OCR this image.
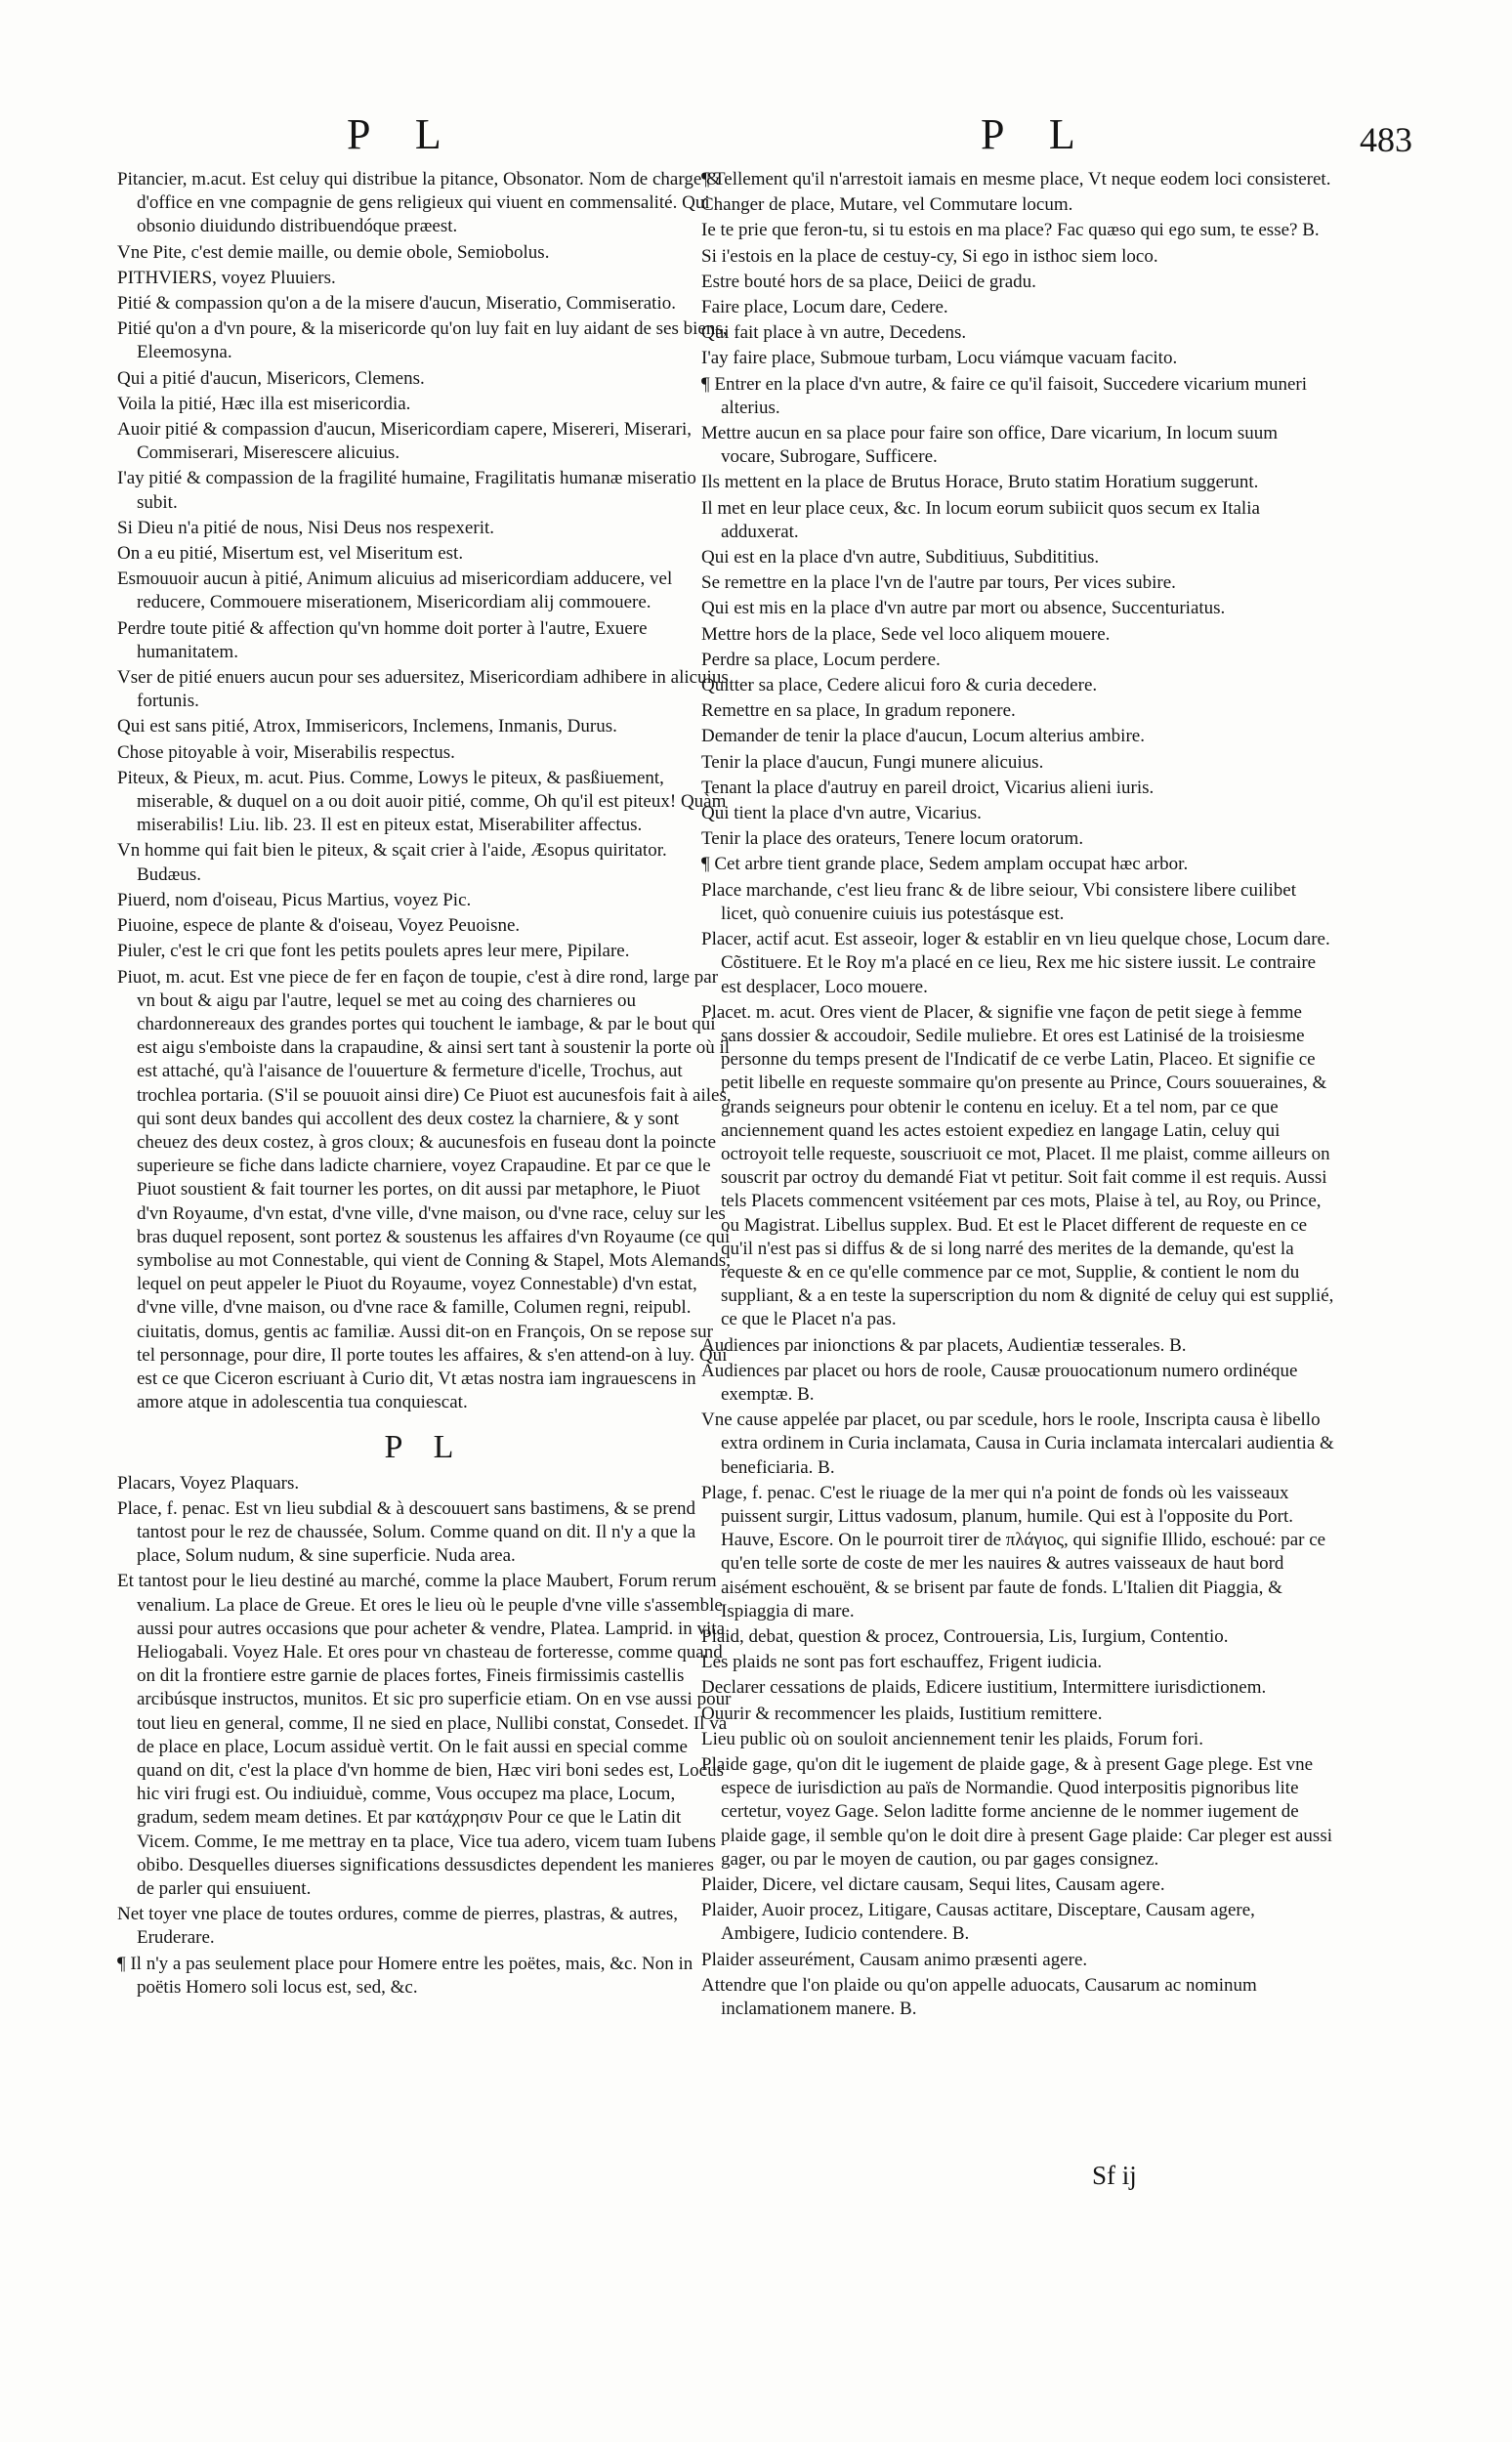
P L	P L	483

Pitancier, m.acut. Est celuy qui distribue la pitance, Obsonator. Nom de charge & d'office en vne compagnie de gens religieux qui viuent en commensalité. Qui obsonio diuidundo distribuendóque præest.

Vne Pite, c'est demie maille, ou demie obole, Semiobolus.

PITHVIERS, voyez Pluuiers.

Pitié & compassion qu'on a de la misere d'aucun, Miseratio, Commiseratio.

Pitié qu'on a d'vn poure, & la misericorde qu'on luy fait en luy aidant de ses biens, Eleemosyna.

Qui a pitié d'aucun, Misericors, Clemens.

Voila la pitié, Hæc illa est misericordia.

Auoir pitié & compassion d'aucun, Misericordiam capere, Misereri, Miserari, Commiserari, Miserescere alicuius.

I'ay pitié & compassion de la fragilité humaine, Fragilitatis humanæ miseratio subit.

Si Dieu n'a pitié de nous, Nisi Deus nos respexerit.

On a eu pitié, Misertum est, vel Miseritum est.

Esmouuoir aucun à pitié, Animum alicuius ad misericordiam adducere, vel reducere, Commouere miserationem, Misericordiam alij commouere.

Perdre toute pitié & affection qu'vn homme doit porter à l'autre, Exuere humanitatem.

Vser de pitié enuers aucun pour ses aduersitez, Misericordiam adhibere in alicuius fortunis.

Qui est sans pitié, Atrox, Immisericors, Inclemens, Inmanis, Durus.

Chose pitoyable à voir, Miserabilis respectus.

Piteux, & Pieux, m. acut. Pius. Comme, Lowys le piteux, & pasßiuement, miserable, & duquel on a ou doit auoir pitié, comme, Oh qu'il est piteux! Quàm miserabilis! Liu. lib. 23. Il est en piteux estat, Miserabiliter affectus.

Vn homme qui fait bien le piteux, & sçait crier à l'aide, Æsopus quiritator. Budæus.

Piuerd, nom d'oiseau, Picus Martius, voyez Pic.

Piuoine, espece de plante & d'oiseau, Voyez Peuoisne.

Piuler, c'est le cri que font les petits poulets apres leur mere, Pipilare.

Piuot, m. acut. Est vne piece de fer en façon de toupie, c'est à dire rond, large par vn bout & aigu par l'autre, lequel se met au coing des charnieres ou chardonnereaux des grandes portes qui touchent le iambage, & par le bout qui est aigu s'emboiste dans la crapaudine, & ainsi sert tant à soustenir la porte où il est attaché, qu'à l'aisance de l'ouuerture & fermeture d'icelle, Trochus, aut trochlea portaria. (S'il se pouuoit ainsi dire) Ce Piuot est aucunesfois fait à ailes, qui sont deux bandes qui accollent des deux costez la charniere, & y sont cheuez des deux costez, à gros cloux; & aucunesfois en fuseau dont la poincte superieure se fiche dans ladicte charniere, voyez Crapaudine. Et par ce que le Piuot soustient & fait tourner les portes, on dit aussi par metaphore, le Piuot d'vn Royaume, d'vn estat, d'vne ville, d'vne maison, ou d'vne race, celuy sur les bras duquel reposent, sont portez & soustenus les affaires d'vn Royaume (ce qui symbolise au mot Connestable, qui vient de Conning & Stapel, Mots Alemands, lequel on peut appeler le Piuot du Royaume, voyez Connestable) d'vn estat, d'vne ville, d'vne maison, ou d'vne race & famille, Columen regni, reipubl. ciuitatis, domus, gentis ac familiæ. Aussi dit-on en François, On se repose sur tel personnage, pour dire, Il porte toutes les affaires, & s'en attend-on à luy. Qui est ce que Ciceron escriuant à Curio dit, Vt ætas nostra iam ingrauescens in amore atque in adolescentia tua conquiescat.

P L

Placars, Voyez Plaquars.

Place, f. penac. Est vn lieu subdial & à descouuert sans bastimens, & se prend tantost pour le rez de chaussée, Solum. Comme quand on dit. Il n'y a que la place, Solum nudum, & sine superficie. Nuda area.

Et tantost pour le lieu destiné au marché, comme la place Maubert, Forum rerum venalium. La place de Greue. Et ores le lieu où le peuple d'vne ville s'assemble aussi pour autres occasions que pour acheter & vendre, Platea. Lamprid. in vita Heliogabali. Voyez Hale. Et ores pour vn chasteau de forteresse, comme quand on dit la frontiere estre garnie de places fortes, Fineis firmissimis castellis arcibúsque instructos, munitos. Et sic pro superficie etiam. On en vse aussi pour tout lieu en general, comme, Il ne sied en place, Nullibi constat, Consedet. Il va de place en place, Locum assiduè vertit. On le fait aussi en special comme quand on dit, c'est la place d'vn homme de bien, Hæc viri boni sedes est, Locus hic viri frugi est. Ou indiuiduè, comme, Vous occupez ma place, Locum, gradum, sedem meam detines. Et par κατάχρησιν Pour ce que le Latin dit Vicem. Comme, Ie me mettray en ta place, Vice tua adero, vicem tuam Iubens obibo. Desquelles diuerses significations dessusdictes dependent les manieres de parler qui ensuiuent.

Net toyer vne place de toutes ordures, comme de pierres, plastras, & autres, Eruderare.

¶ Il n'y a pas seulement place pour Homere entre les poëtes, mais, &c. Non in poëtis Homero soli locus est, sed, &c.

¶ Tellement qu'il n'arrestoit iamais en mesme place, Vt neque eodem loci consisteret.

Changer de place, Mutare, vel Commutare locum.

Ie te prie que feron-tu, si tu estois en ma place? Fac quæso qui ego sum, te esse? B.

Si i'estois en la place de cestuy-cy, Si ego in isthoc siem loco.

Estre bouté hors de sa place, Deiici de gradu.

Faire place, Locum dare, Cedere.

Qui fait place à vn autre, Decedens.

I'ay faire place, Submoue turbam, Locu viámque vacuam facito.

¶ Entrer en la place d'vn autre, & faire ce qu'il faisoit, Succedere vicarium muneri alterius.

Mettre aucun en sa place pour faire son office, Dare vicarium, In locum suum vocare, Subrogare, Sufficere.

Ils mettent en la place de Brutus Horace, Bruto statim Horatium suggerunt.

Il met en leur place ceux, &c. In locum eorum subiicit quos secum ex Italia adduxerat.

Qui est en la place d'vn autre, Subditiuus, Subdititius.

Se remettre en la place l'vn de l'autre par tours, Per vices subire.

Qui est mis en la place d'vn autre par mort ou absence, Succenturiatus.

Mettre hors de la place, Sede vel loco aliquem mouere.

Perdre sa place, Locum perdere.

Quitter sa place, Cedere alicui foro & curia decedere.

Remettre en sa place, In gradum reponere.

Demander de tenir la place d'aucun, Locum alterius ambire.

Tenir la place d'aucun, Fungi munere alicuius.

Tenant la place d'autruy en pareil droict, Vicarius alieni iuris.

Qui tient la place d'vn autre, Vicarius.

Tenir la place des orateurs, Tenere locum oratorum.

¶ Cet arbre tient grande place, Sedem amplam occupat hæc arbor.

Place marchande, c'est lieu franc & de libre seiour, Vbi consistere libere cuilibet licet, quò conuenire cuiuis ius potestásque est.

Placer, actif acut. Est asseoir, loger & establir en vn lieu quelque chose, Locum dare. Cõstituere. Et le Roy m'a placé en ce lieu, Rex me hic sistere iussit. Le contraire est desplacer, Loco mouere.

Placet. m. acut. Ores vient de Placer, & signifie vne façon de petit siege à femme sans dossier & accoudoir, Sedile muliebre. Et ores est Latinisé de la troisiesme personne du temps present de l'Indicatif de ce verbe Latin, Placeo. Et signifie ce petit libelle en requeste sommaire qu'on presente au Prince, Cours souueraines, & grands seigneurs pour obtenir le contenu en iceluy. Et a tel nom, par ce que anciennement quand les actes estoient expediez en langage Latin, celuy qui octroyoit telle requeste, souscriuoit ce mot, Placet. Il me plaist, comme ailleurs on souscrit par octroy du demandé Fiat vt petitur. Soit fait comme il est requis. Aussi tels Placets commencent vsitéement par ces mots, Plaise à tel, au Roy, ou Prince, ou Magistrat. Libellus supplex. Bud. Et est le Placet different de requeste en ce qu'il n'est pas si diffus & de si long narré des merites de la demande, qu'est la requeste & en ce qu'elle commence par ce mot, Supplie, & contient le nom du suppliant, & a en teste la superscription du nom & dignité de celuy qui est supplié, ce que le Placet n'a pas.

Audiences par inionctions & par placets, Audientiæ tesserales. B.

Audiences par placet ou hors de roole, Causæ prouocationum numero ordinéque exemptæ. B.

Vne cause appelée par placet, ou par scedule, hors le roole, Inscripta causa è libello extra ordinem in Curia inclamata, Causa in Curia inclamata intercalari audientia & beneficiaria. B.

Plage, f. penac. C'est le riuage de la mer qui n'a point de fonds où les vaisseaux puissent surgir, Littus vadosum, planum, humile. Qui est à l'opposite du Port. Hauve, Escore. On le pourroit tirer de πλάγιος, qui signifie Illido, eschoué: par ce qu'en telle sorte de coste de mer les nauires & autres vaisseaux de haut bord aisément eschouënt, & se brisent par faute de fonds. L'Italien dit Piaggia, & Ispiaggia di mare.

Plaid, debat, question & procez, Controuersia, Lis, Iurgium, Contentio.

Les plaids ne sont pas fort eschauffez, Frigent iudicia.

Declarer cessations de plaids, Edicere iustitium, Intermittere iurisdictionem.

Ouurir & recommencer les plaids, Iustitium remittere.

Lieu public où on souloit anciennement tenir les plaids, Forum fori.

Plaide gage, qu'on dit le iugement de plaide gage, & à present Gage plege. Est vne espece de iurisdiction au païs de Normandie. Quod interpositis pignoribus lite certetur, voyez Gage. Selon laditte forme ancienne de le nommer iugement de plaide gage, il semble qu'on le doit dire à present Gage plaide: Car pleger est aussi gager, ou par le moyen de caution, ou par gages consignez.

Plaider, Dicere, vel dictare causam, Sequi lites, Causam agere.

Plaider, Auoir procez, Litigare, Causas actitare, Disceptare, Causam agere, Ambigere, Iudicio contendere. B.

Plaider asseurément, Causam animo præsenti agere.

Attendre que l'on plaide ou qu'on appelle aduocats, Causarum ac nominum inclamationem manere. B.

Sf ij
